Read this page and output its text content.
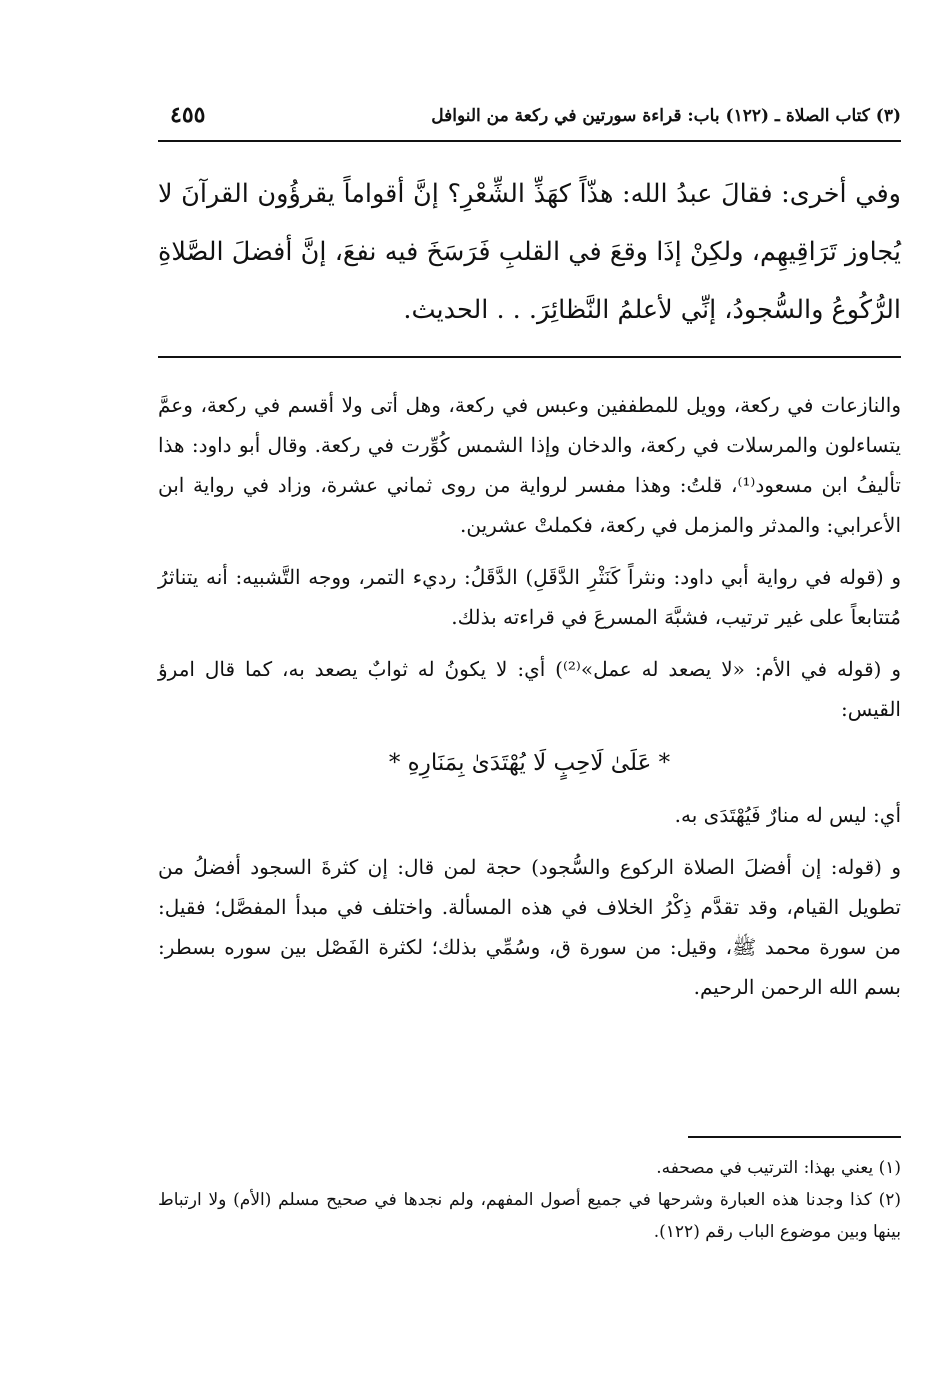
(٣) كتاب الصلاة ـ (١٢٢) باب: قراءة سورتين في ركعة من النوافل
٤٥٥

وفي أخرى: فقالَ عبدُ الله: هذّاً كهَذِّ الشِّعْرِ؟ إنَّ أقواماً يقرؤُون القرآنَ لا يُجاوز تَرَاقِيهِم، ولكِنْ إذَا وقعَ في القلبِ فَرَسَخَ فيه نفعَ، إنَّ أفضلَ الصَّلاةِ الرُّكُوعُ والسُّجودُ، إنِّي لأعلمُ النَّظائِرَ. . . الحديث.

والنازعات في ركعة، وويل للمطففين وعبس في ركعة، وهل أتى ولا أقسم في ركعة، وعمَّ يتساءلون والمرسلات في ركعة، والدخان وإذا الشمس كُوِّرت في ركعة. وقال أبو داود: هذا تأليفُ ابن مسعود⁽¹⁾، قلتُ: وهذا مفسر لرواية من روى ثماني عشرة، وزاد في رواية ابن الأعرابي: والمدثر والمزمل في ركعة، فكملتْ عشرين.

و (قوله في رواية أبي داود: ونثراً كَنَثْرِ الدَّقَلِ) الدَّقَلُ: رديء التمر، ووجه التَّشبيه: أنه يتناثرُ مُتتابعاً على غير ترتيب، فشبَّهَ المسرعَ في قراءته بذلك.

و (قوله في الأم: «لا يصعد له عمل»⁽²⁾) أي: لا يكونُ له ثوابٌ يصعد به، كما قال امرؤ القيس:

* عَلَىٰ لَاحِبٍ لَا يُهْتَدَىٰ بِمَنَارِهِ *

أي: ليس له منارٌ فَيُهْتَدَى به.

و (قوله: إن أفضلَ الصلاة الركوع والسُّجود) حجة لمن قال: إن كثرةَ السجود أفضلُ من تطويل القيام، وقد تقدَّم ذِكْرُ الخلاف في هذه المسألة. واختلف في مبدأ المفصَّل؛ فقيل: من سورة محمد ﷺ، وقيل: من سورة ق، وسُمِّي بذلك؛ لكثرة الفَصْل بين سوره بسطر: بسم الله الرحمن الرحيم.

(١) يعني بهذا: الترتيب في مصحفه.

(٢) كذا وجدنا هذه العبارة وشرحها في جميع أصول المفهم، ولم نجدها في صحيح مسلم (الأم) ولا ارتباط بينها وبين موضوع الباب رقم (١٢٢).
